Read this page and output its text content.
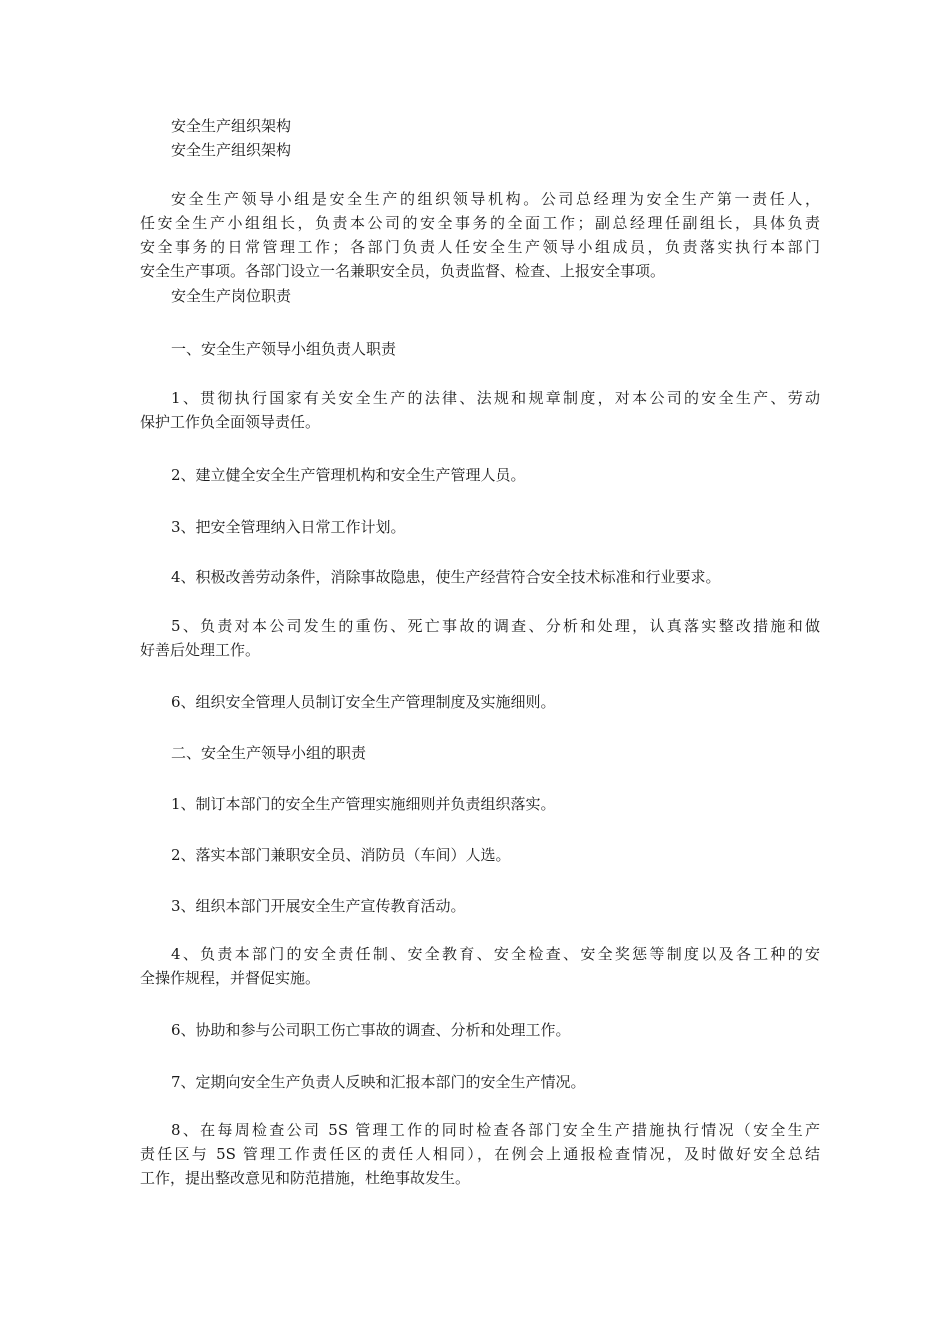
安全生产组织架构
安全生产组织架构
安全生产领导小组是安全生产的组织领导机构。公司总经理为安全生产第一责任人，
任安全生产小组组长，负责本公司的安全事务的全面工作；副总经理任副组长，具体负责
安全事务的日常管理工作；各部门负责人任安全生产领导小组成员，负责落实执行本部门
安全生产事项。各部门设立一名兼职安全员，负责监督、检查、上报安全事项。
安全生产岗位职责
一、安全生产领导小组负责人职责
1、贯彻执行国家有关安全生产的法律、法规和规章制度，对本公司的安全生产、劳动
保护工作负全面领导责任。
2、建立健全安全生产管理机构和安全生产管理人员。
3、把安全管理纳入日常工作计划。
4、积极改善劳动条件，消除事故隐患，使生产经营符合安全技术标准和行业要求。
5、负责对本公司发生的重伤、死亡事故的调查、分析和处理，认真落实整改措施和做
好善后处理工作。
6、组织安全管理人员制订安全生产管理制度及实施细则。
二、安全生产领导小组的职责
1、制订本部门的安全生产管理实施细则并负责组织落实。
2、落实本部门兼职安全员、消防员（车间）人选。
3、组织本部门开展安全生产宣传教育活动。
4、负责本部门的安全责任制、安全教育、安全检查、安全奖惩等制度以及各工种的安
全操作规程，并督促实施。
6、协助和参与公司职工伤亡事故的调查、分析和处理工作。
7、定期向安全生产负责人反映和汇报本部门的安全生产情况。
8、在每周检查公司 5S 管理工作的同时检查各部门安全生产措施执行情况（安全生产
责任区与 5S 管理工作责任区的责任人相同），在例会上通报检查情况，及时做好安全总结
工作，提出整改意见和防范措施，杜绝事故发生。
